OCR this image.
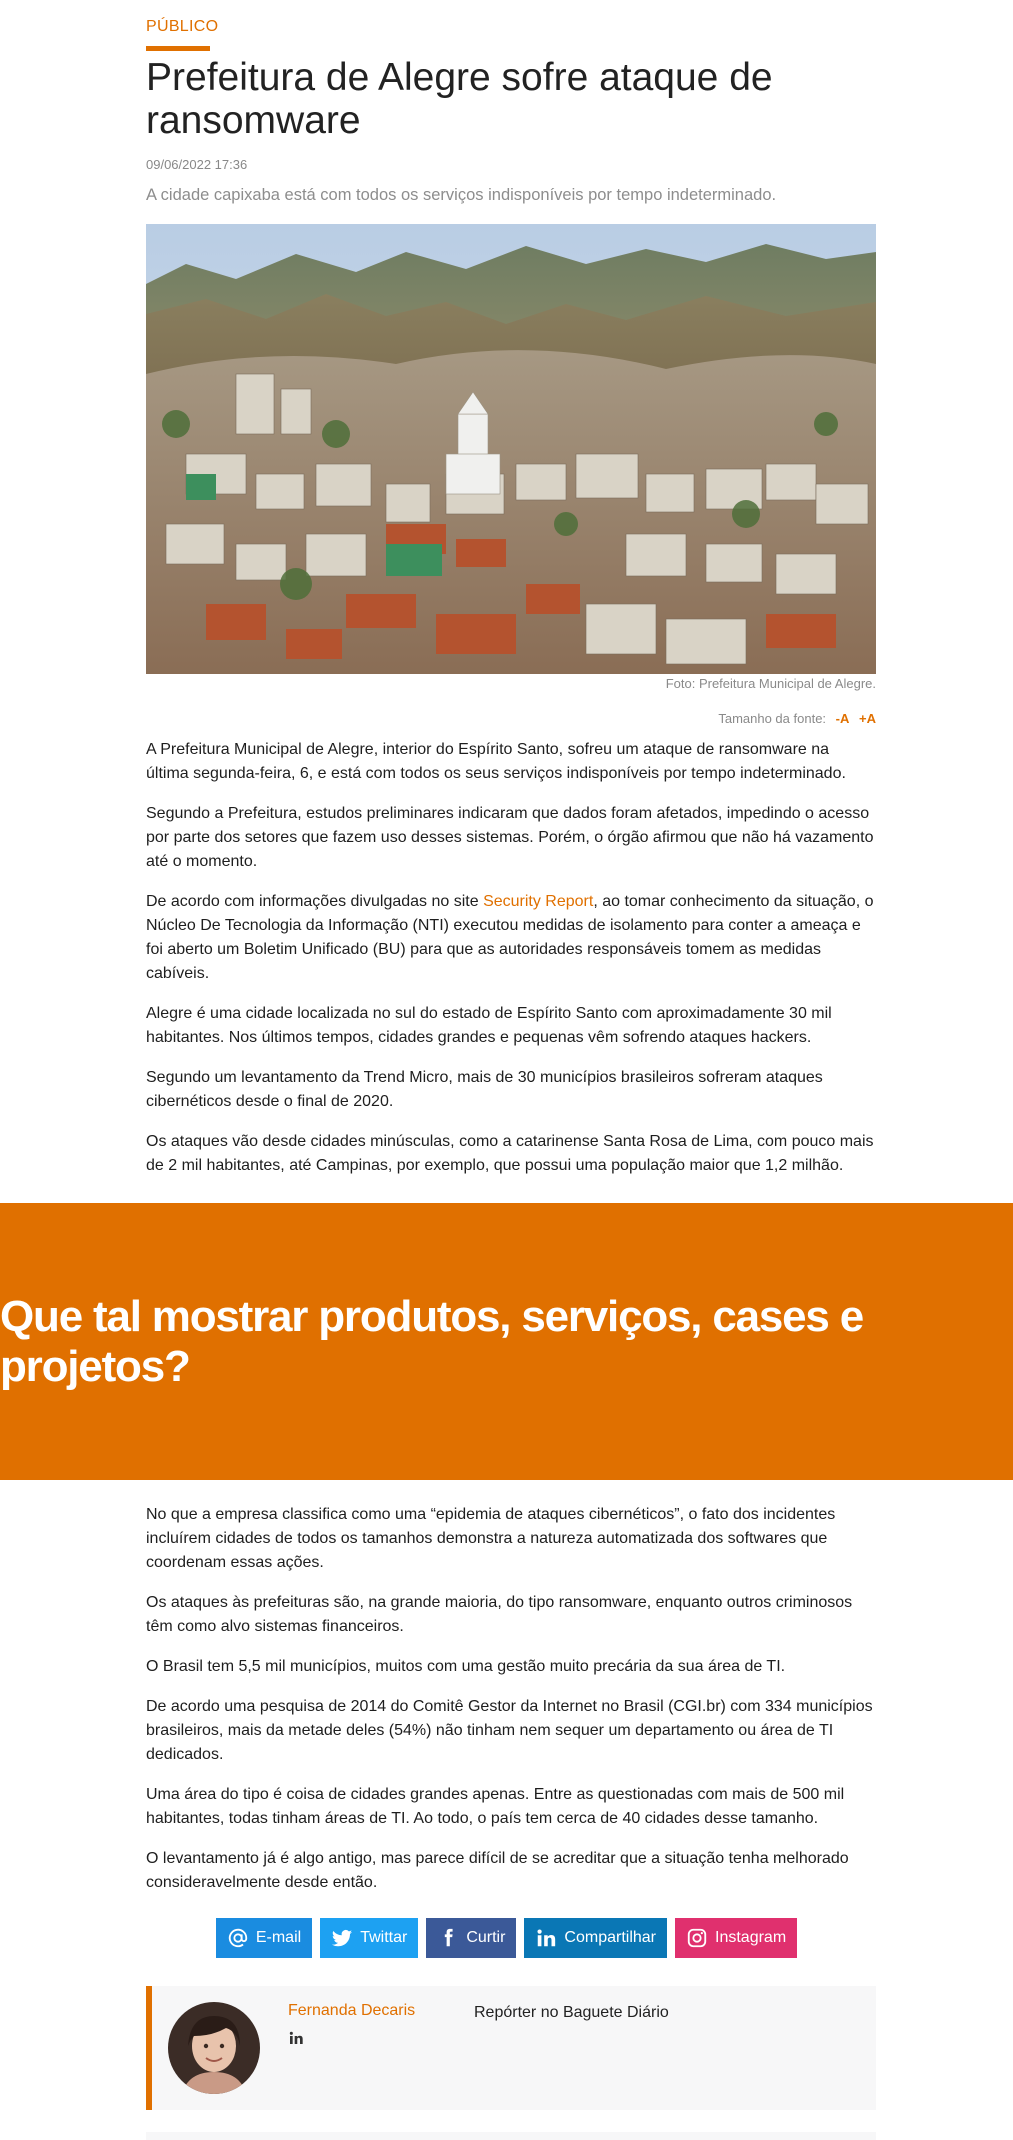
PÚBLICO
Prefeitura de Alegre sofre ataque de ransomware
09/06/2022 17:36
A cidade capixaba está com todos os serviços indisponíveis por tempo indeterminado.
Foto: Prefeitura Municipal de Alegre.
Tamanho da fonte: -A +A

A Prefeitura Municipal de Alegre, interior do Espírito Santo, sofreu um ataque de ransomware na última segunda-feira, 6, e está com todos os seus serviços indisponíveis por tempo indeterminado.

Segundo a Prefeitura, estudos preliminares indicaram que dados foram afetados, impedindo o acesso por parte dos setores que fazem uso desses sistemas. Porém, o órgão afirmou que não há vazamento até o momento.

De acordo com informações divulgadas no site Security Report, ao tomar conhecimento da situação, o Núcleo De Tecnologia da Informação (NTI) executou medidas de isolamento para conter a ameaça e foi aberto um Boletim Unificado (BU) para que as autoridades responsáveis tomem as medidas cabíveis.

Alegre é uma cidade localizada no sul do estado de Espírito Santo com aproximadamente 30 mil habitantes. Nos últimos tempos, cidades grandes e pequenas vêm sofrendo ataques hackers.

Segundo um levantamento da Trend Micro, mais de 30 municípios brasileiros sofreram ataques cibernéticos desde o final de 2020.

Os ataques vão desde cidades minúsculas, como a catarinense Santa Rosa de Lima, com pouco mais de 2 mil habitantes, até Campinas, por exemplo, que possui uma população maior que 1,2 milhão.

Que tal mostrar produtos, serviços, cases e projetos?

No que a empresa classifica como uma “epidemia de ataques cibernéticos”, o fato dos incidentes incluírem cidades de todos os tamanhos demonstra a natureza automatizada dos softwares que coordenam essas ações.

Os ataques às prefeituras são, na grande maioria, do tipo ransomware, enquanto outros criminosos têm como alvo sistemas financeiros.

O Brasil tem 5,5 mil municípios, muitos com uma gestão muito precária da sua área de TI.

De acordo uma pesquisa de 2014 do Comitê Gestor da Internet no Brasil (CGI.br) com 334 municípios brasileiros, mais da metade deles (54%) não tinham nem sequer um departamento ou área de TI dedicados.

Uma área do tipo é coisa de cidades grandes apenas. Entre as questionadas com mais de 500 mil habitantes, todas tinham áreas de TI. Ao todo, o país tem cerca de 40 cidades desse tamanho.

O levantamento já é algo antigo, mas parece difícil de se acreditar que a situação tenha melhorado consideravelmente desde então.

E-mail	Twittar	Curtir	Compartilhar	Instagram
Fernanda Decaris	Repórter no Baguete Diário
